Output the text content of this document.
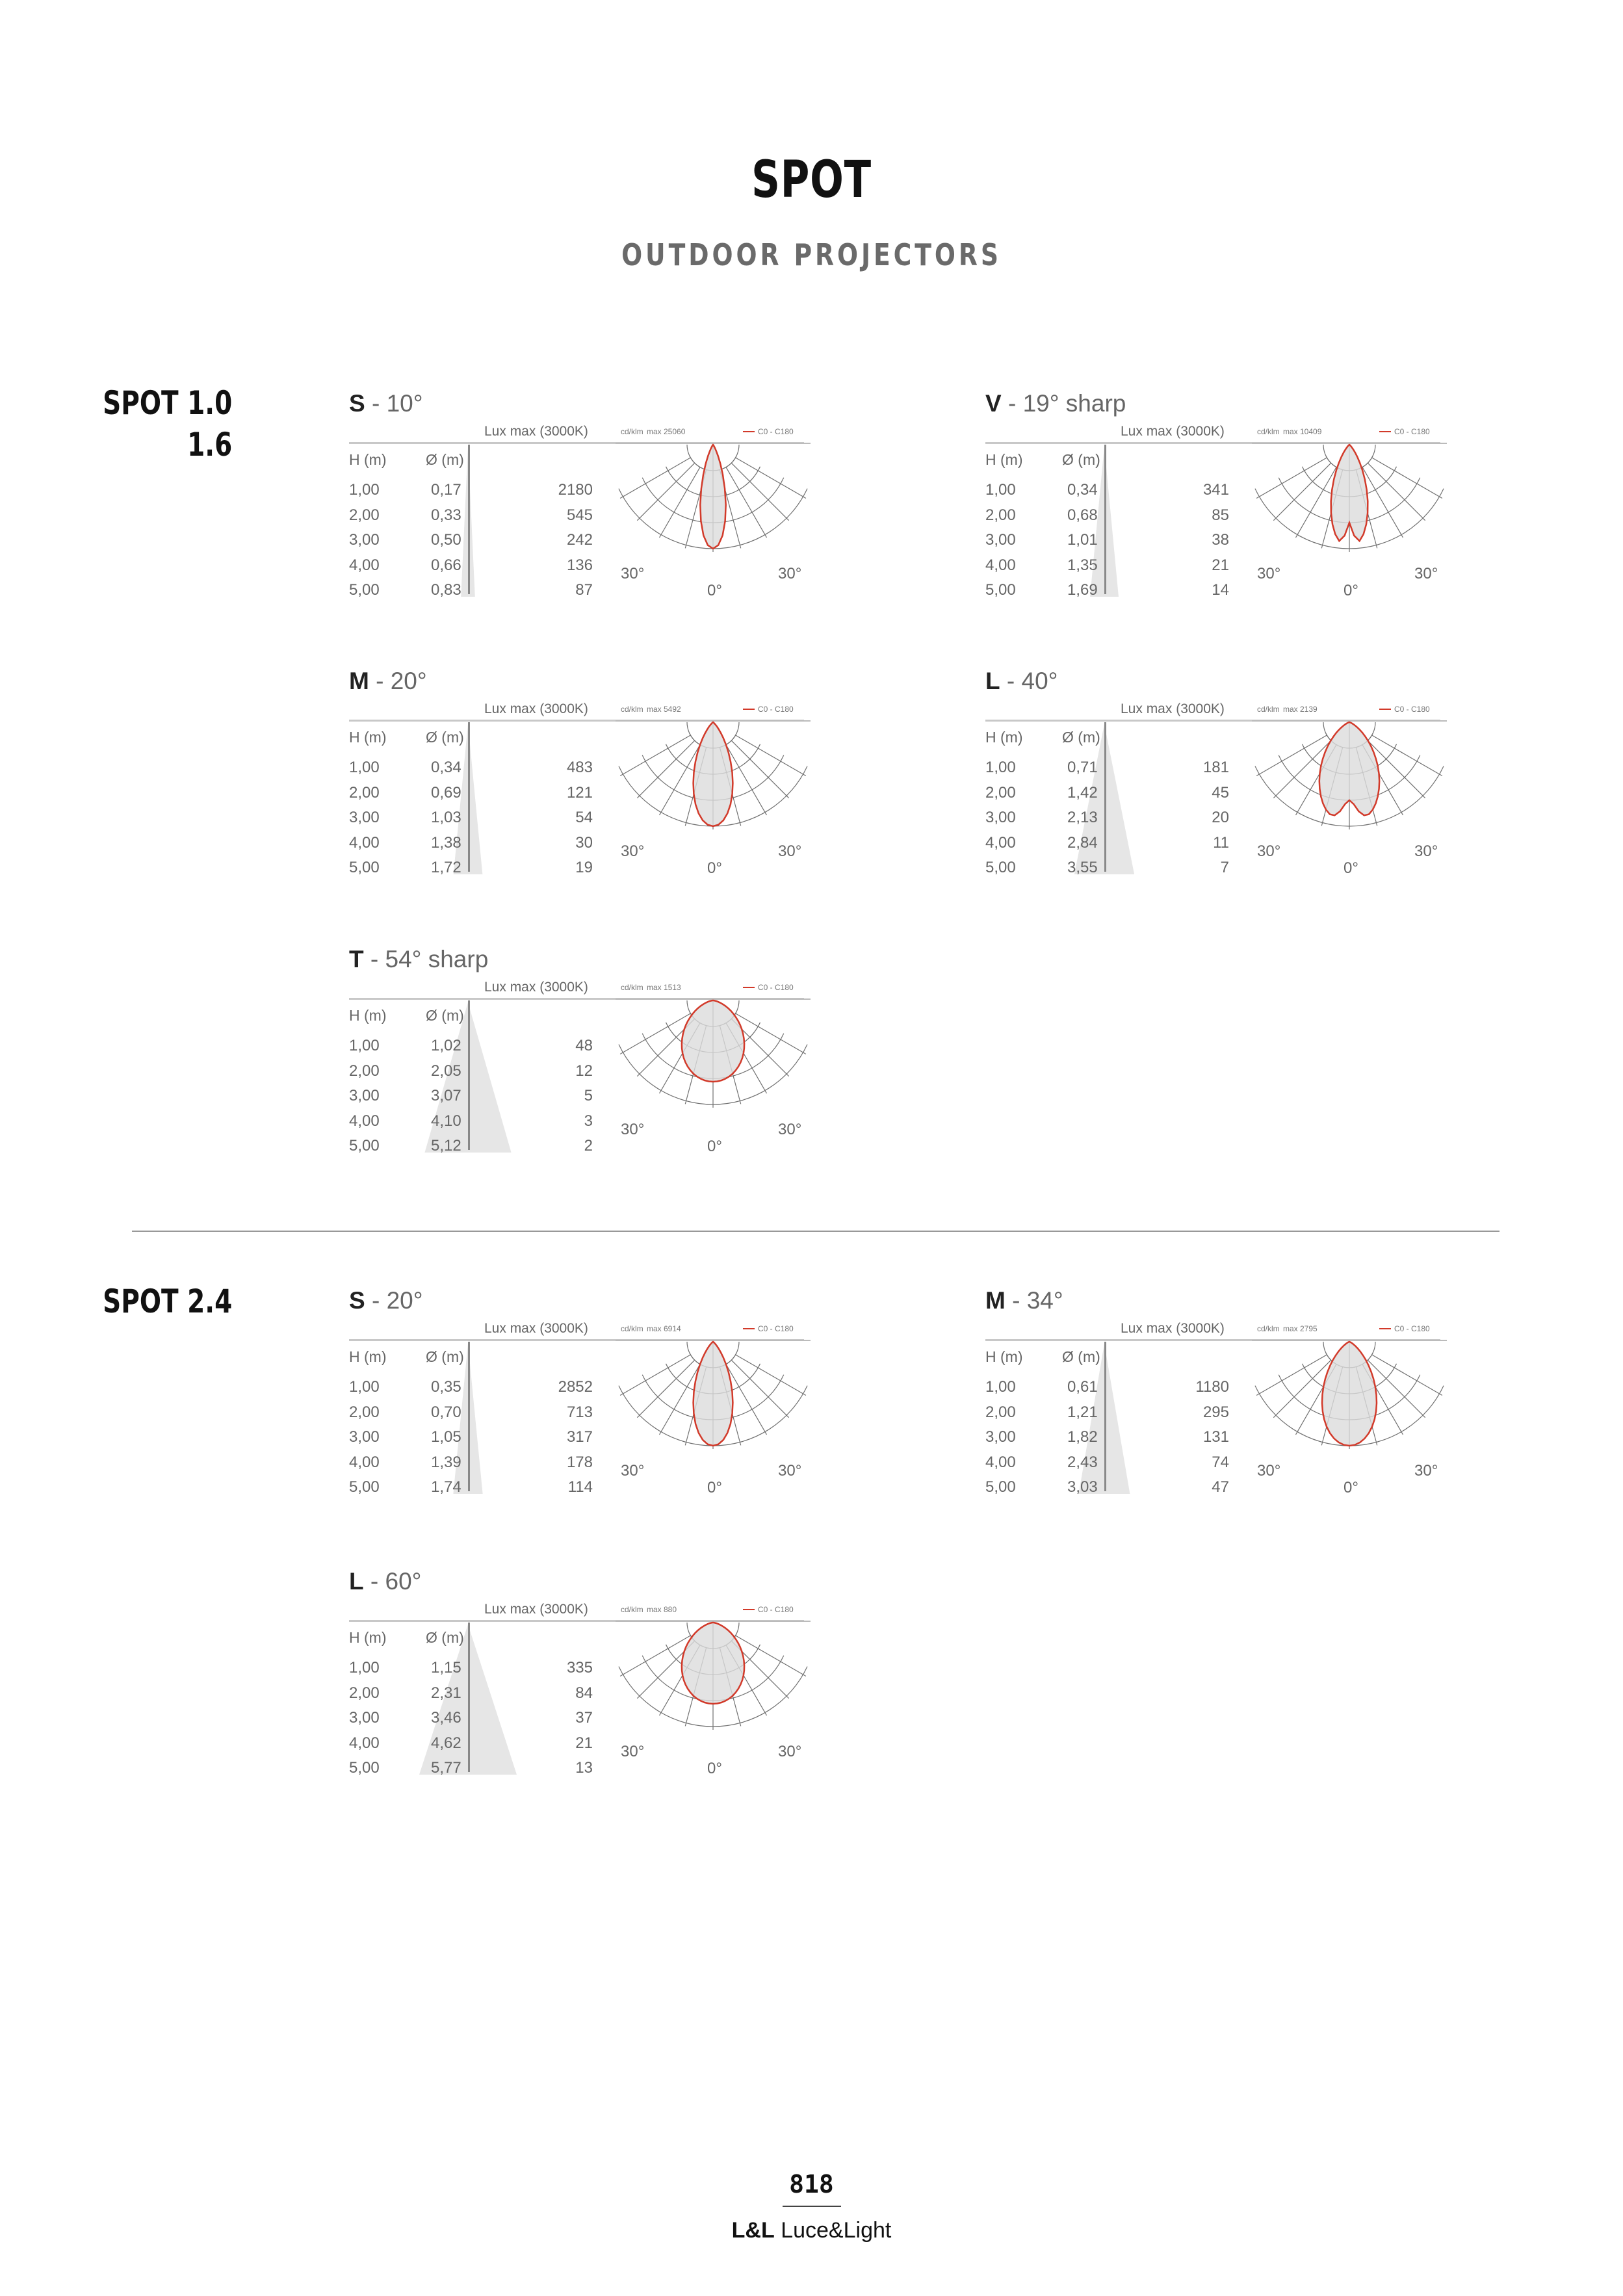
SPOT
OUTDOOR PROJECTORS
SPOT 1.0
1.6
SPOT 2.4
S - 10°
Lux max (3000K)
H (m)	Ø (m)
1,00	0,17	2180
2,00	0,33	545
3,00	0,50	242
4,00	0,66	136
5,00	0,83	87
cd/klm max 25060	C0 - C180
30°	30°
0°
V - 19° sharp
Lux max (3000K)
H (m)	Ø (m)
1,00	0,34	341
2,00	0,68	85
3,00	1,01	38
4,00	1,35	21
5,00	1,69	14
cd/klm max 10409	C0 - C180
30°	30°
0°
M - 20°
Lux max (3000K)
H (m)	Ø (m)
1,00	0,34	483
2,00	0,69	121
3,00	1,03	54
4,00	1,38	30
5,00	1,72	19
cd/klm max 5492	C0 - C180
30°	30°
0°
L - 40°
Lux max (3000K)
H (m)	Ø (m)
1,00	0,71	181
2,00	1,42	45
3,00	2,13	20
4,00	2,84	11
5,00	3,55	7
cd/klm max 2139	C0 - C180
30°	30°
0°
T - 54° sharp
Lux max (3000K)
H (m)	Ø (m)
1,00	1,02	48
2,00	2,05	12
3,00	3,07	5
4,00	4,10	3
5,00	5,12	2
cd/klm max 1513	C0 - C180
30°	30°
0°
S - 20°
Lux max (3000K)
H (m)	Ø (m)
1,00	0,35	2852
2,00	0,70	713
3,00	1,05	317
4,00	1,39	178
5,00	1,74	114
cd/klm max 6914	C0 - C180
30°	30°
0°
M - 34°
Lux max (3000K)
H (m)	Ø (m)
1,00	0,61	1180
2,00	1,21	295
3,00	1,82	131
4,00	2,43	74
5,00	3,03	47
cd/klm max 2795	C0 - C180
30°	30°
0°
L - 60°
Lux max (3000K)
H (m)	Ø (m)
1,00	1,15	335
2,00	2,31	84
3,00	3,46	37
4,00	4,62	21
5,00	5,77	13
cd/klm max 880	C0 - C180
30°	30°
0°
818
L&L Luce&Light
